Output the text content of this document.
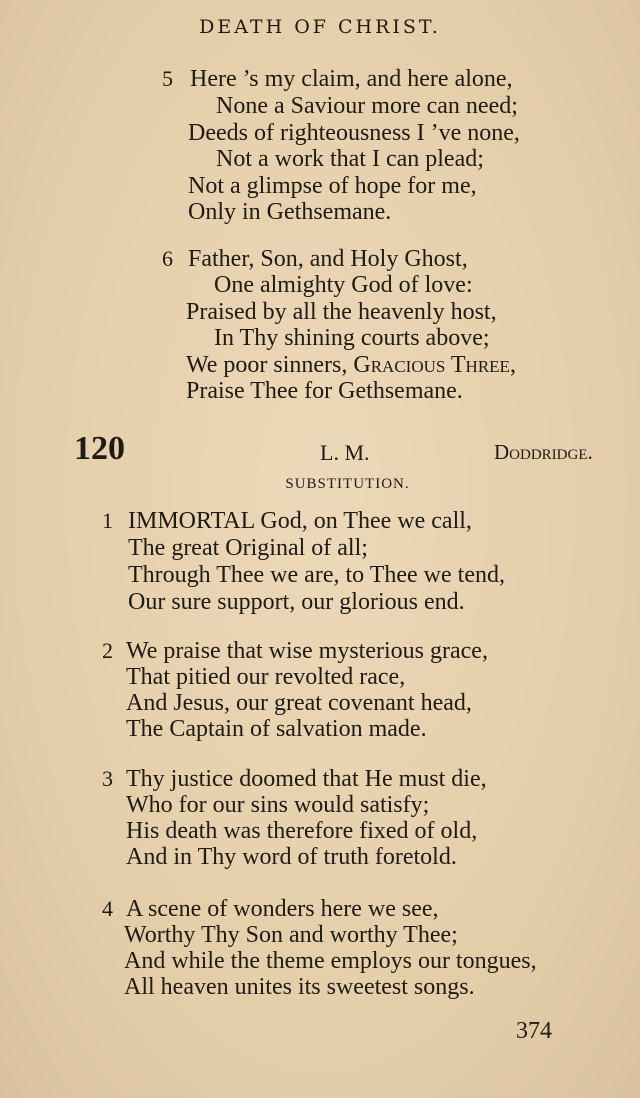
DEATH OF CHRIST.
5 Here ’s my claim, and here alone,
None a Saviour more can need;
Deeds of righteousness I ’ve none,
Not a work that I can plead;
Not a glimpse of hope for me,
Only in Gethsemane.
6 Father, Son, and Holy Ghost,
One almighty God of love:
Praised by all the heavenly host,
In Thy shining courts above;
We poor sinners, Gracious Three,
Praise Thee for Gethsemane.
120	L. M.	Doddridge.
SUBSTITUTION.
1 IMMORTAL God, on Thee we call,
The great Original of all;
Through Thee we are, to Thee we tend,
Our sure support, our glorious end.
2 We praise that wise mysterious grace,
That pitied our revolted race,
And Jesus, our great covenant head,
The Captain of salvation made.
3 Thy justice doomed that He must die,
Who for our sins would satisfy;
His death was therefore fixed of old,
And in Thy word of truth foretold.
4 A scene of wonders here we see,
Worthy Thy Son and worthy Thee;
And while the theme employs our tongues,
All heaven unites its sweetest songs.
374
